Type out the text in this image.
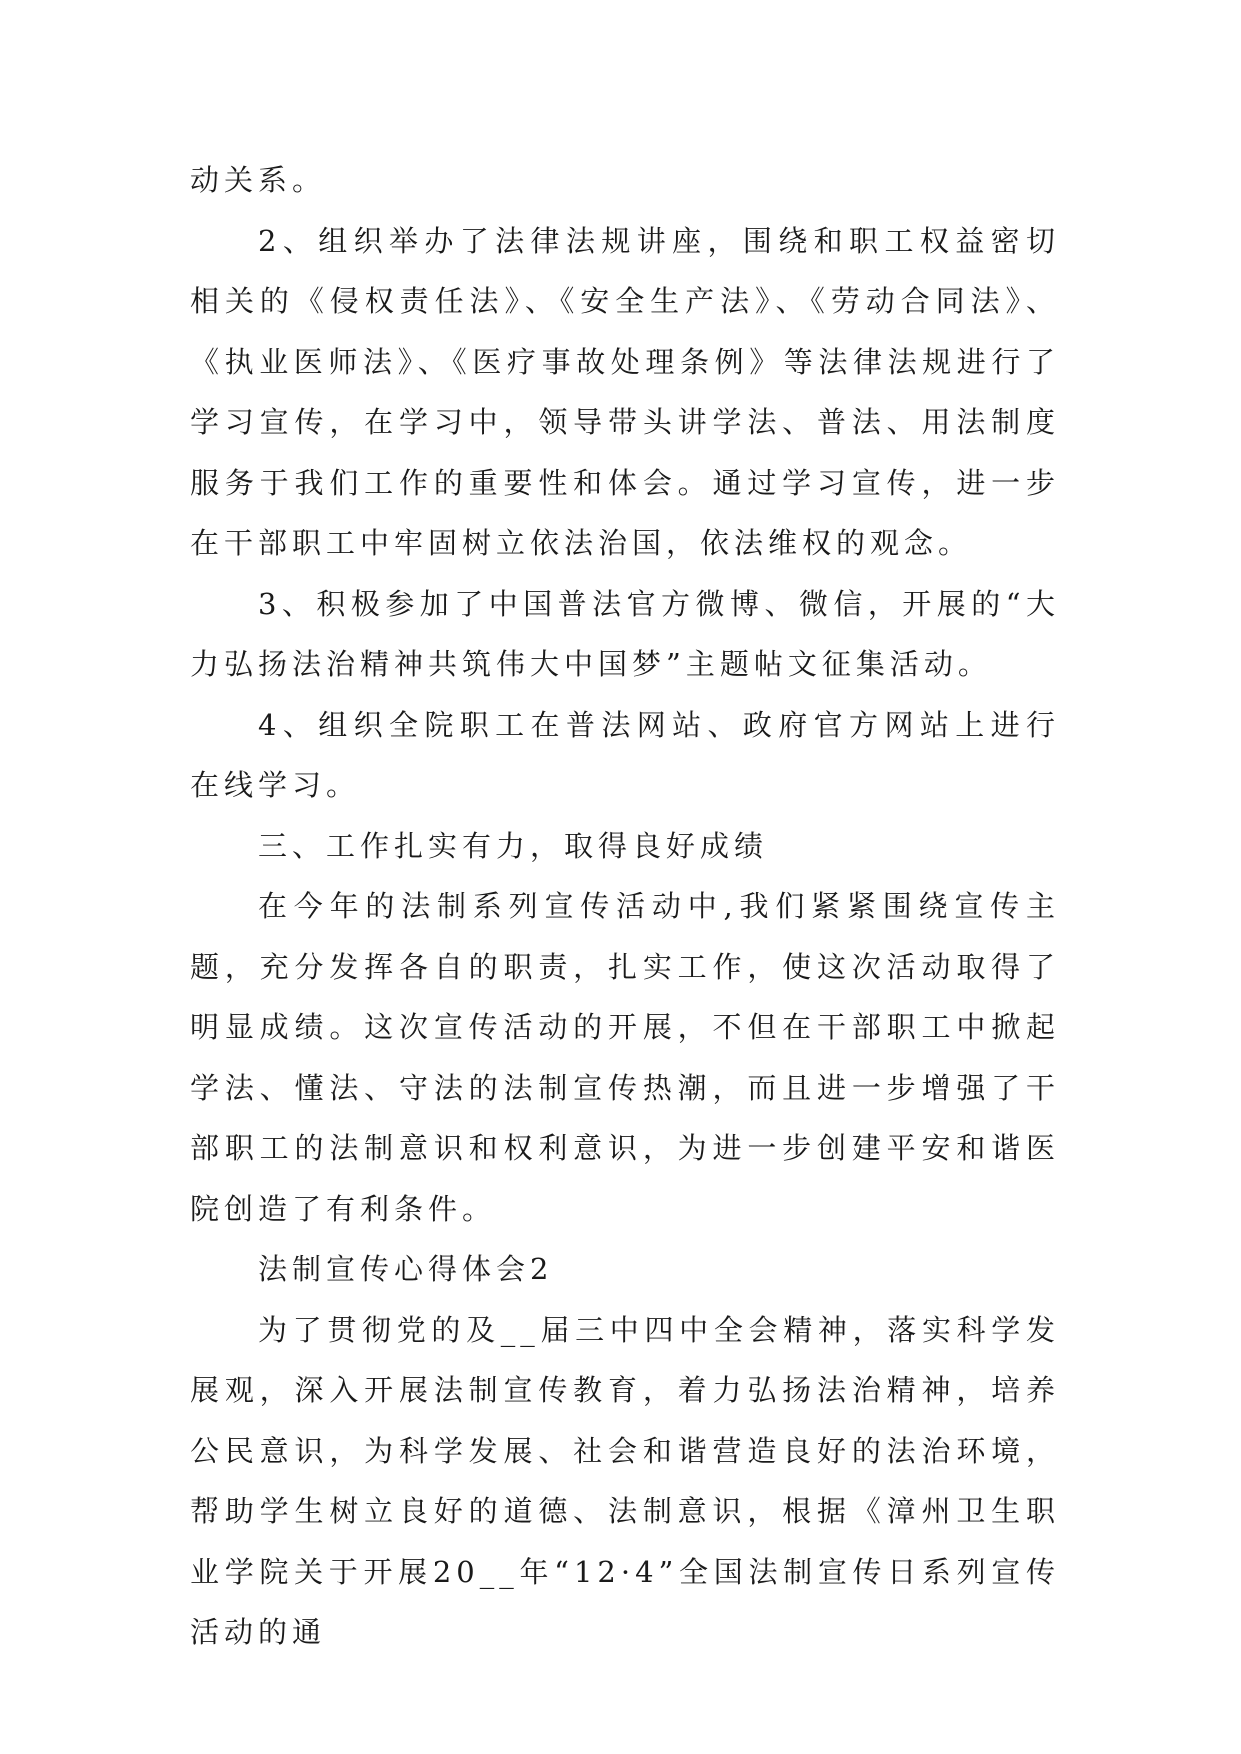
动关系。

2、组织举办了法律法规讲座，围绕和职工权益密切相关的《侵权责任法》、《安全生产法》、《劳动合同法》、《执业医师法》、《医疗事故处理条例》等法律法规进行了学习宣传，在学习中，领导带头讲学法、普法、用法制度服务于我们工作的重要性和体会。通过学习宣传，进一步在干部职工中牢固树立依法治国，依法维权的观念。

3、积极参加了中国普法官方微博、微信，开展的“大力弘扬法治精神共筑伟大中国梦”主题帖文征集活动。

4、组织全院职工在普法网站、政府官方网站上进行在线学习。

三、工作扎实有力，取得良好成绩

在今年的法制系列宣传活动中,我们紧紧围绕宣传主题，充分发挥各自的职责，扎实工作，使这次活动取得了明显成绩。这次宣传活动的开展，不但在干部职工中掀起学法、懂法、守法的法制宣传热潮，而且进一步增强了干部职工的法制意识和权利意识，为进一步创建平安和谐医院创造了有利条件。

法制宣传心得体会2

为了贯彻党的及__届三中四中全会精神，落实科学发展观，深入开展法制宣传教育，着力弘扬法治精神，培养公民意识，为科学发展、社会和谐营造良好的法治环境，帮助学生树立良好的道德、法制意识，根据《漳州卫生职业学院关于开展20__年“12·4”全国法制宣传日系列宣传活动的通
